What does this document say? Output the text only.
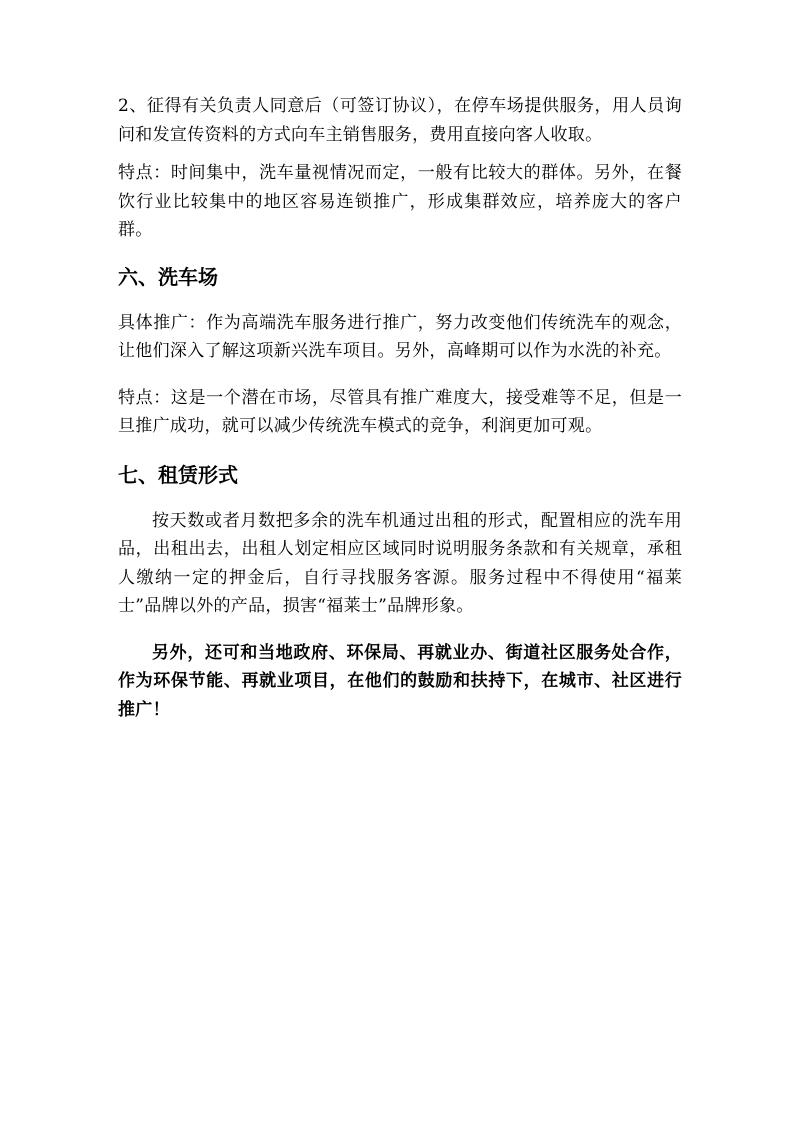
2、征得有关负责人同意后（可签订协议），在停车场提供服务，用人员询问和发宣传资料的方式向车主销售服务，费用直接向客人收取。

特点：时间集中，洗车量视情况而定，一般有比较大的群体。另外，在餐饮行业比较集中的地区容易连锁推广，形成集群效应，培养庞大的客户群。

六、洗车场

具体推广：作为高端洗车服务进行推广，努力改变他们传统洗车的观念，让他们深入了解这项新兴洗车项目。另外，高峰期可以作为水洗的补充。

特点：这是一个潜在市场，尽管具有推广难度大，接受难等不足，但是一旦推广成功，就可以减少传统洗车模式的竞争，利润更加可观。

七、租赁形式

按天数或者月数把多余的洗车机通过出租的形式，配置相应的洗车用品，出租出去，出租人划定相应区域同时说明服务条款和有关规章，承租人缴纳一定的押金后，自行寻找服务客源。服务过程中不得使用“福莱士”品牌以外的产品，损害“福莱士”品牌形象。

另外，还可和当地政府、环保局、再就业办、街道社区服务处合作，作为环保节能、再就业项目，在他们的鼓励和扶持下，在城市、社区进行推广！
